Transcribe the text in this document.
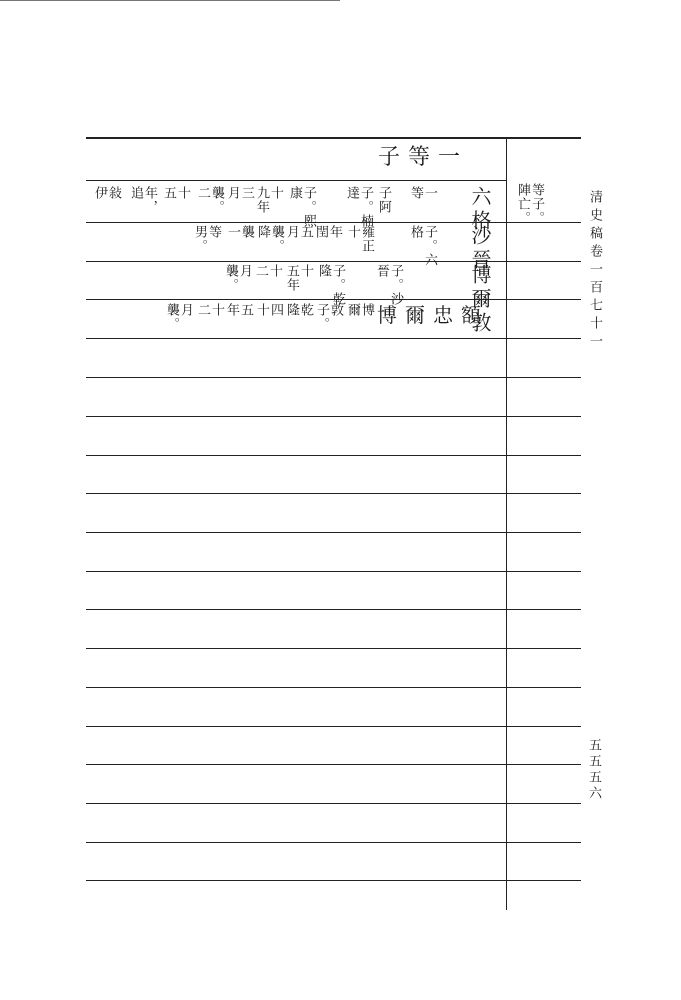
子 等 一
等子。
陣亡。	清史稿卷一百七十一
五五五六
六格
一
等
子阿
子。楠
達
子。熙
康
十
九年
三
月
襲。
二
十
五
年，
追
敍
伊
沙晉
子。六
格
雍正
十
年
閏
五
月
襲。
降
襲
一
等
男。
博爾敦
子。沙
晉
子。乾
隆
十
五年
十
二
月
襲。
博爾忠額
博
爾
敦
子。
乾
隆
四
十
五
年
十
二
月
襲。
